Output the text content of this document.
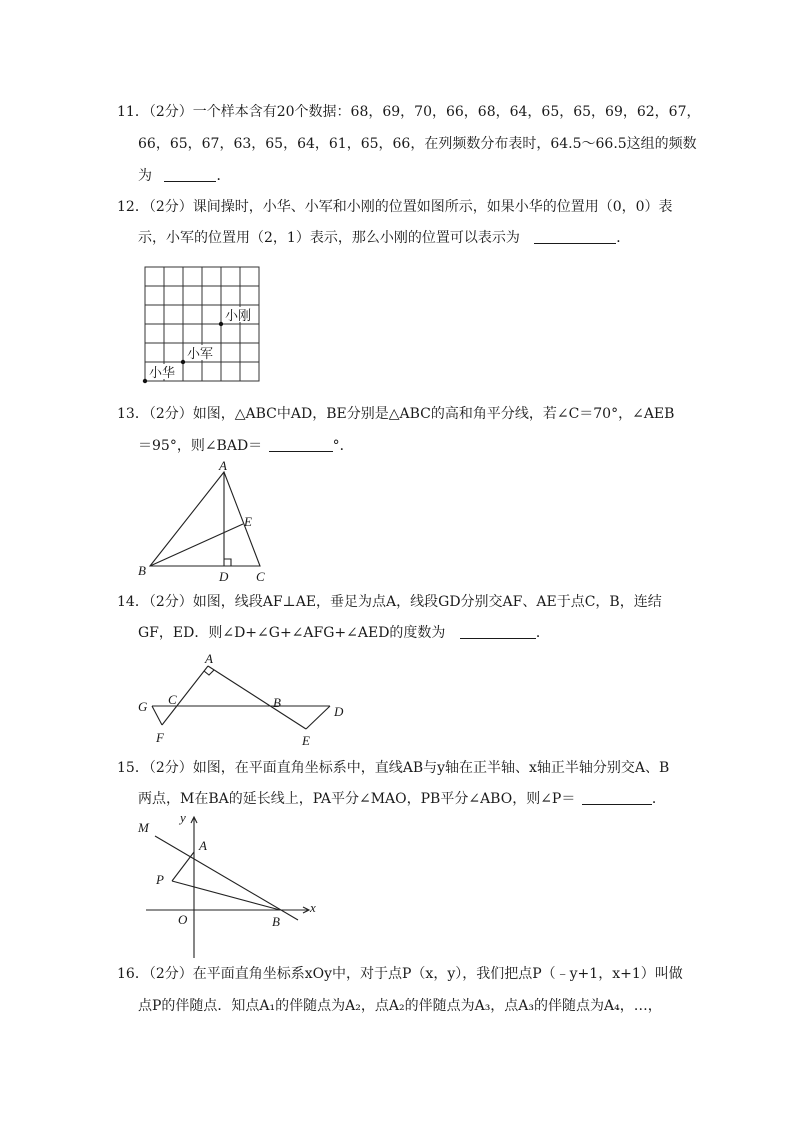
11．（2分）一个样本含有20个数据：68，69，70，66，68，64，65，65，69，62，67，
66，65，67，63，65，64，61，65，66，在列频数分布表时，64.5～66.5这组的频数
为	．
12．（2分）课间操时，小华、小军和小刚的位置如图所示，如果小华的位置用（0，0）表
示，小军的位置用（2，1）表示，那么小刚的位置可以表示为	．
小华
小军
小刚
13．（2分）如图，△ABC中AD，BE分别是△ABC的高和角平分线，若∠C＝70°，∠AEB
＝95°，则∠BAD＝	°．
A
B	C
D
E
14．（2分）如图，线段AF⊥AE，垂足为点A，线段GD分别交AF、AE于点C，B，连结
GF，ED．则∠D+∠G+∠AFG+∠AED的度数为	．
A
B
C
D
E
F
G
15．（2分）如图，在平面直角坐标系中，直线AB与y轴在正半轴、x轴正半轴分别交A、B
两点，M在BA的延长线上，PA平分∠MAO，PB平分∠ABO，则∠P＝	．
M
y
A
P
O	B
x
16．（2分）在平面直角坐标系xOy中，对于点P（x，y），我们把点P（﹣y+1，x+1）叫做
点P的伴随点．知点A₁的伴随点为A₂，点A₂的伴随点为A₃，点A₃的伴随点为A₄，…，
